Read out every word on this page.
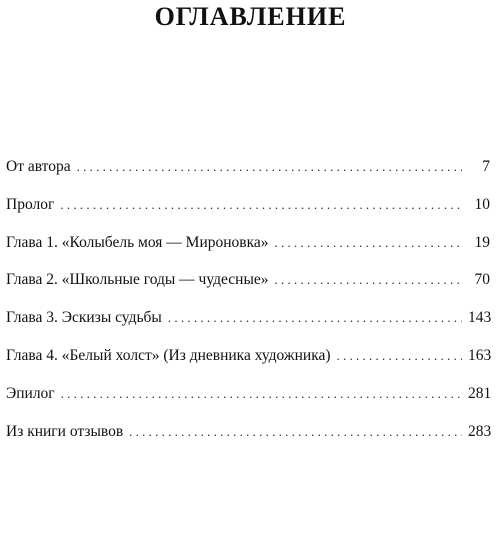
ОГЛАВЛЕНИЕ
От автора . . .	7
Пролог . . .	10
Глава 1. «Колыбель моя — Мироновка» . . .	19
Глава 2. «Школьные годы — чудесные» . . .	70
Глава 3. Эскизы судьбы . . .	143
Глава 4. «Белый холст» (Из дневника художника) . . .	163
Эпилог . . .	281
Из книги отзывов . . .	283
